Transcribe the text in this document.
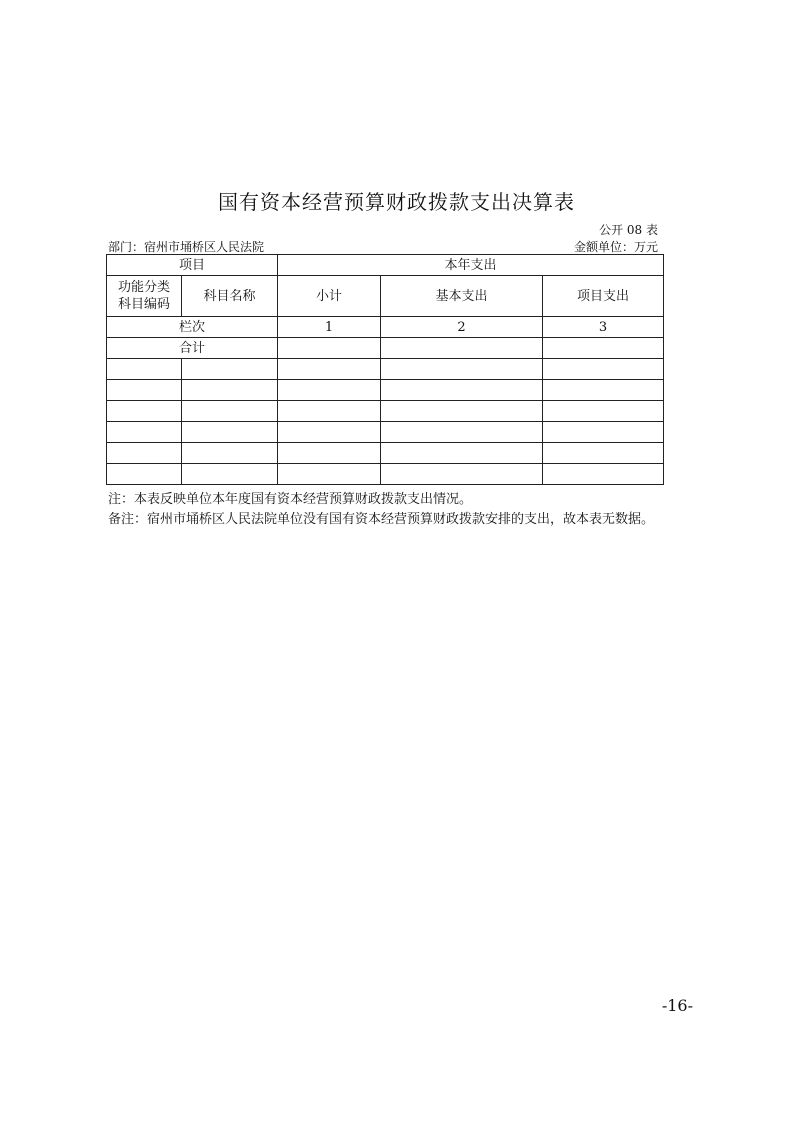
国有资本经营预算财政拨款支出决算表
公开 08 表
部门：宿州市埇桥区人民法院	金额单位：万元
项目		本年支出		
功能分类
科目编码	科目名称	小计	基本支出	项目支出
栏次		1	2	3
合计				

注：本表反映单位本年度国有资本经营预算财政拨款支出情况。

备注：宿州市埇桥区人民法院单位没有国有资本经营预算财政拨款安排的支出，故本表无数据。

-16-
